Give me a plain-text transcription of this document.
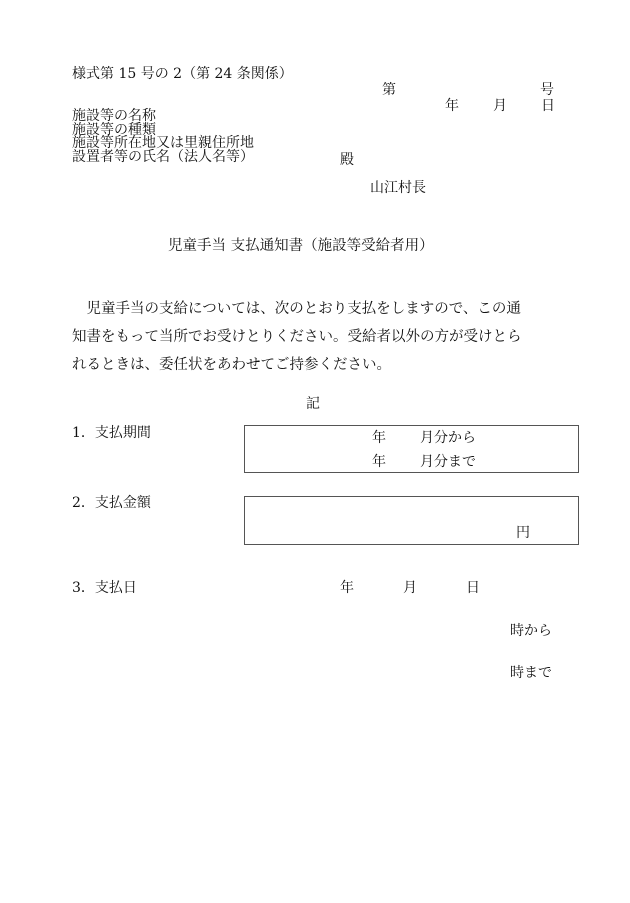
様式第 15 号の 2（第 24 条関係）
第	号
年 月 日
施設等の名称
施設等の種類
施設等所在地又は里親住所地
設置者等の氏名（法人名等）	殿
山江村長
児童手当 支払通知書（施設等受給者用）

　児童手当の支給については、次のとおり支払をしますので、この通

知書をもって当所でお受けとりください。受給者以外の方が受けとら

れるときは、委任状をあわせてご持参ください。

記
1．支払期間	年 月分から
年 月分まで
2．支払金額
円
3．支払日	年	月	日
時から
時まで
